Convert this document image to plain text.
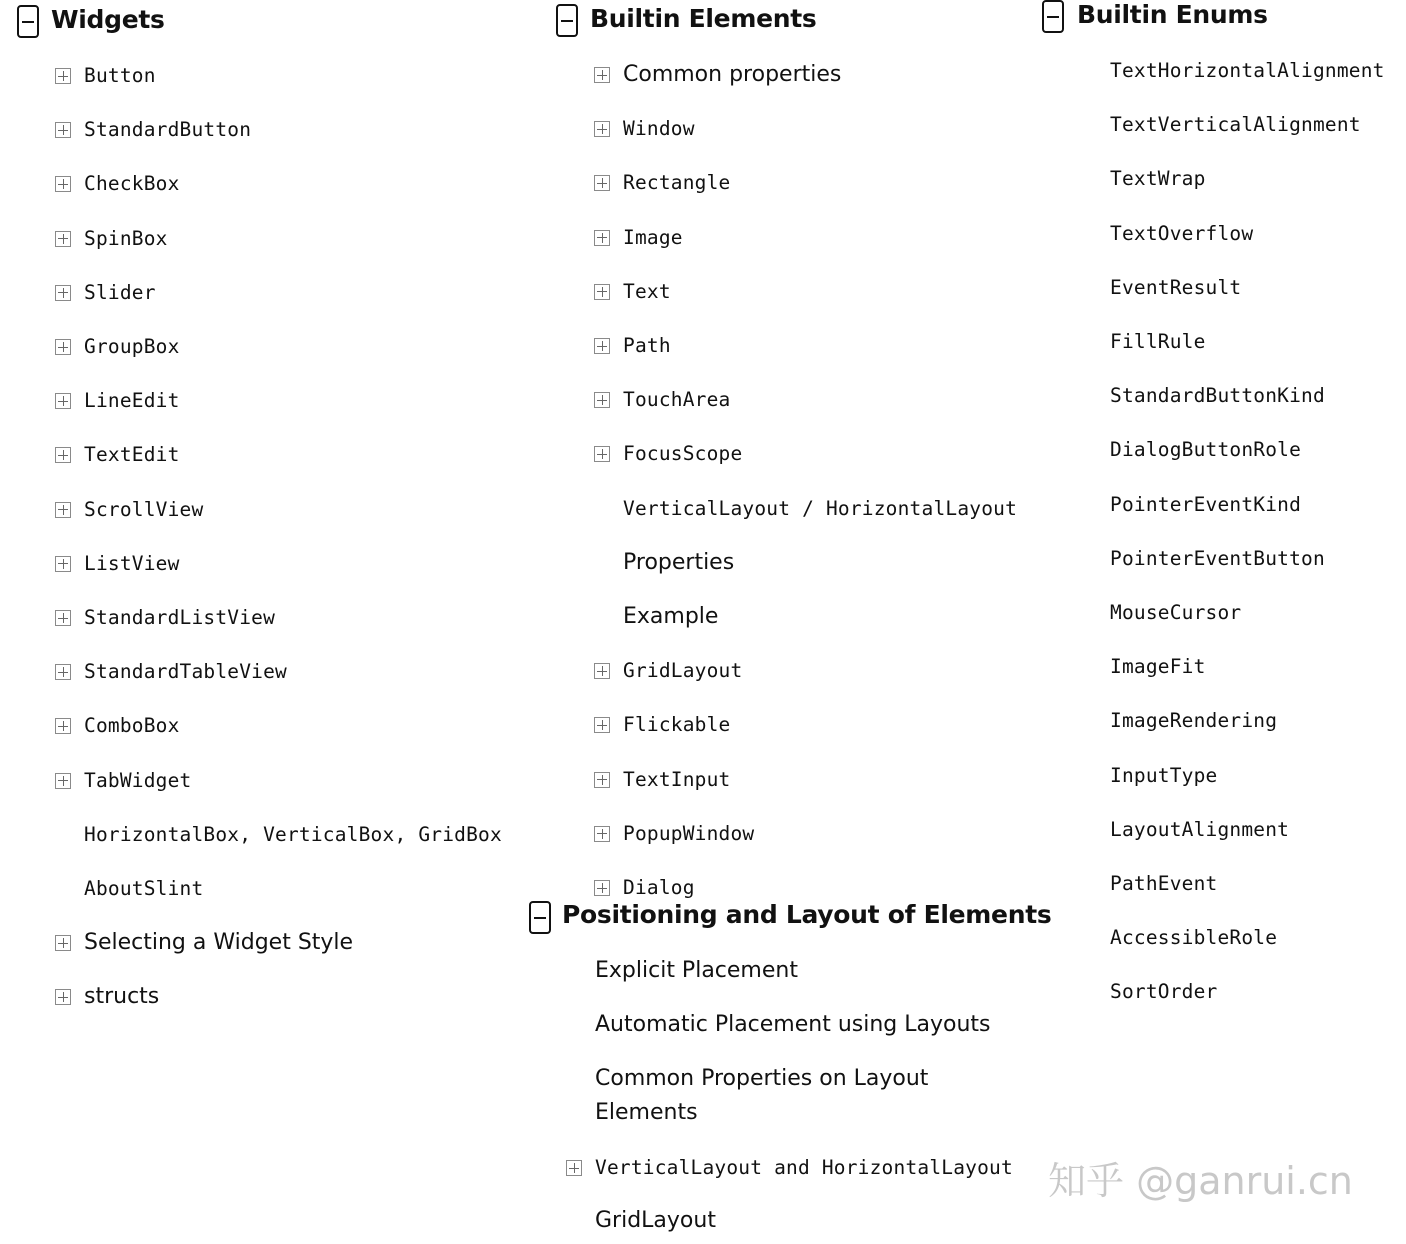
Widgets
Button
StandardButton
CheckBox
SpinBox
Slider
GroupBox
LineEdit
TextEdit
ScrollView
ListView
StandardListView
StandardTableView
ComboBox
TabWidget
HorizontalBox, VerticalBox, GridBox
AboutSlint
Selecting a Widget Style
structs
Builtin Elements
Common properties
Window
Rectangle
Image
Text
Path
TouchArea
FocusScope
VerticalLayout / HorizontalLayout
Properties
Example
GridLayout
Flickable
TextInput
PopupWindow
Dialog
Positioning and Layout of Elements
Explicit Placement
Automatic Placement using Layouts
Common Properties on Layout
Elements
VerticalLayout and HorizontalLayout
GridLayout
Builtin Enums
TextHorizontalAlignment
TextVerticalAlignment
TextWrap
TextOverflow
EventResult
FillRule
StandardButtonKind
DialogButtonRole
PointerEventKind
PointerEventButton
MouseCursor
ImageFit
ImageRendering
InputType
LayoutAlignment
PathEvent
AccessibleRole
SortOrder
知乎 @ganrui.cn
